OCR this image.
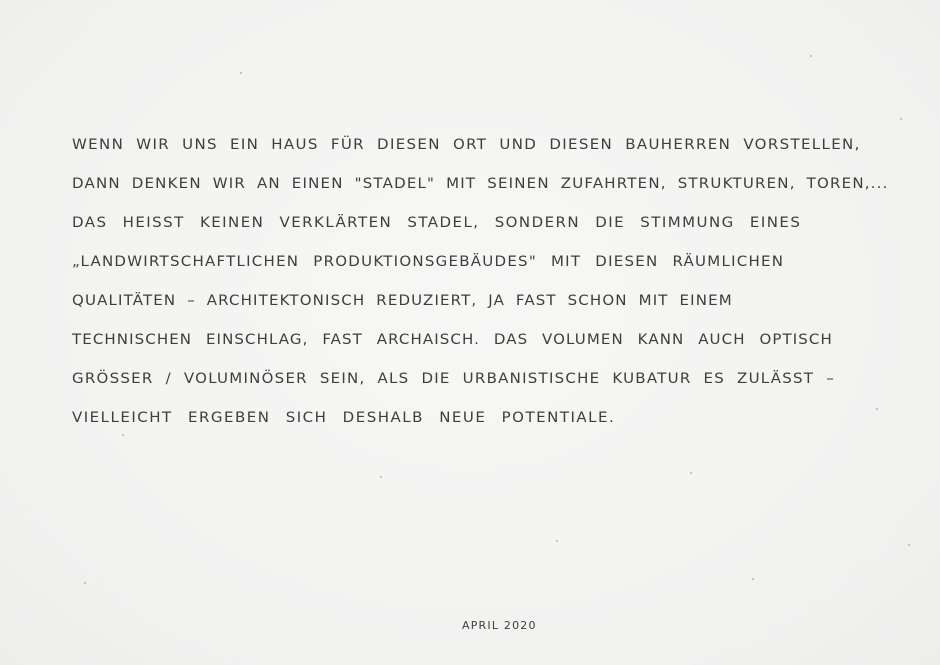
WENN WIR UNS EIN HAUS FÜR DIESEN ORT UND DIESEN BAUHERREN VORSTELLEN,
DANN DENKEN WIR AN EINEN "STADEL" MIT SEINEN ZUFAHRTEN, STRUKTUREN, TOREN,...
DAS HEISST KEINEN VERKLÄRTEN STADEL, SONDERN DIE STIMMUNG EINES
„LANDWIRTSCHAFTLICHEN PRODUKTIONSGEBÄUDES" MIT DIESEN RÄUMLICHEN
QUALITÄTEN – ARCHITEKTONISCH REDUZIERT, JA FAST SCHON MIT EINEM
TECHNISCHEN EINSCHLAG, FAST ARCHAISCH. DAS VOLUMEN KANN AUCH OPTISCH
GRÖSSER / VOLUMINÖSER SEIN, ALS DIE URBANISTISCHE KUBATUR ES ZULÄSST –
VIELLEICHT ERGEBEN SICH DESHALB NEUE POTENTIALE.
APRIL 2020
